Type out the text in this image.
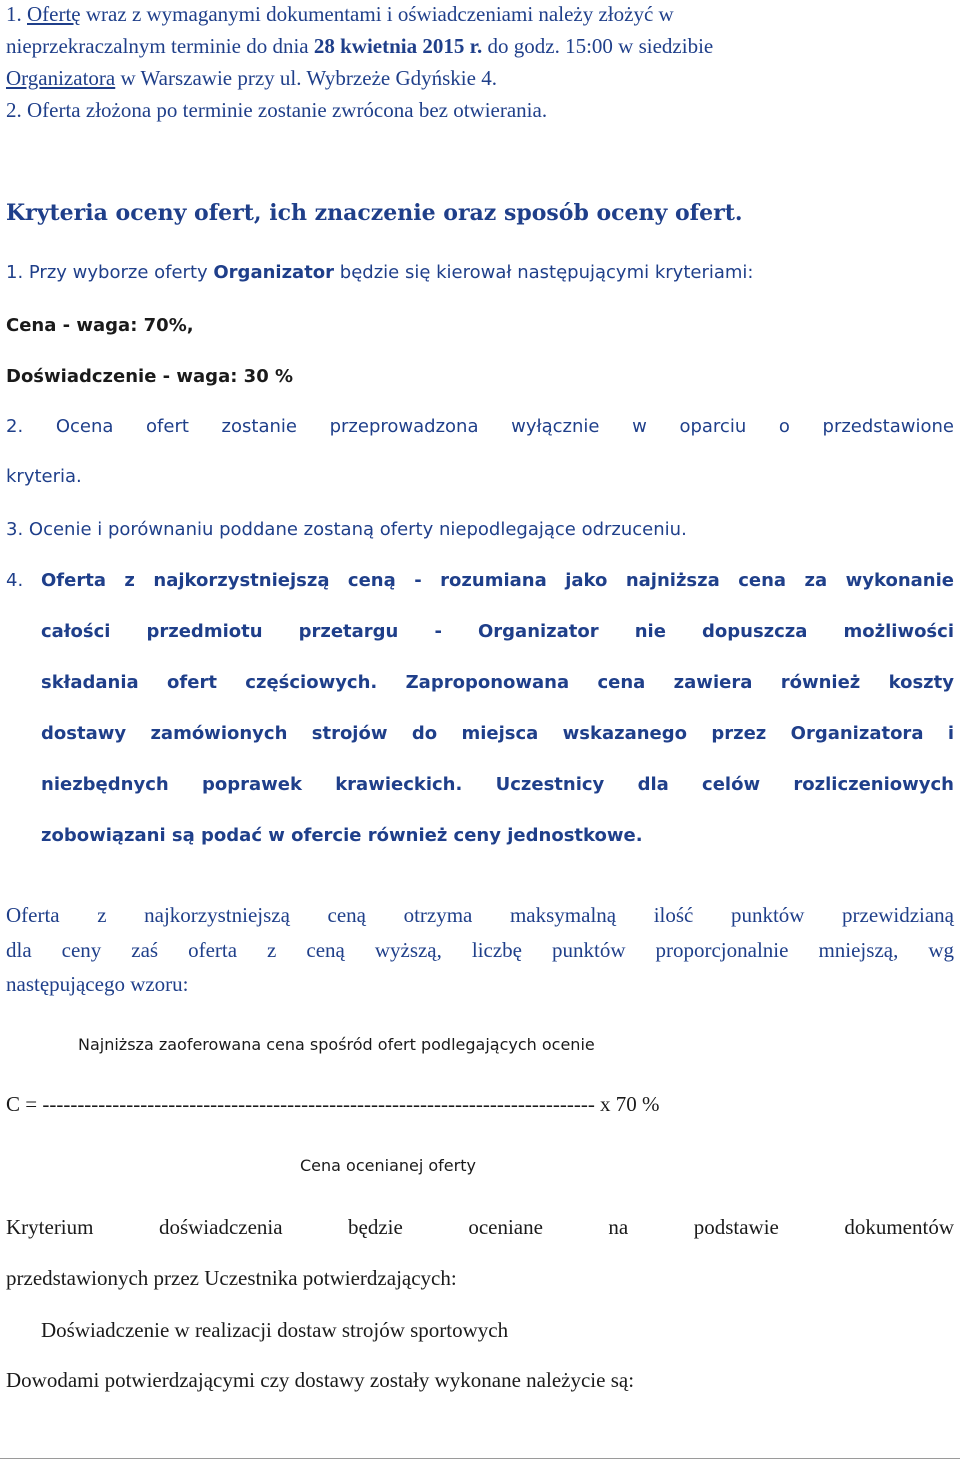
1. Ofertę wraz z wymaganymi dokumentami i oświadczeniami należy złożyć w
nieprzekraczalnym terminie do dnia 28 kwietnia 2015 r. do godz. 15:00 w siedzibie
Organizatora w Warszawie przy ul. Wybrzeże Gdyńskie 4.
2. Oferta złożona po terminie zostanie zwrócona bez otwierania.
Kryteria oceny ofert, ich znaczenie oraz sposób oceny ofert.
1. Przy wyborze oferty Organizator będzie się kierował następującymi kryteriami:
Cena - waga: 70%,
Doświadczenie - waga: 30 %
2. Ocena ofert zostanie przeprowadzona wyłącznie w oparciu o przedstawione
kryteria.
3. Ocenie i porównaniu poddane zostaną oferty niepodlegające odrzuceniu.
4. Oferta z najkorzystniejszą ceną - rozumiana jako najniższa cena za wykonanie
całości przedmiotu przetargu - Organizator nie dopuszcza możliwości
składania ofert częściowych. Zaproponowana cena zawiera również koszty
dostawy zamówionych strojów do miejsca wskazanego przez Organizatora i
niezbędnych poprawek krawieckich. Uczestnicy dla celów rozliczeniowych
zobowiązani są podać w ofercie również ceny jednostkowe.
Oferta z najkorzystniejszą ceną otrzyma maksymalną ilość punktów przewidzianą
dla ceny zaś oferta z ceną wyższą, liczbę punktów proporcjonalnie mniejszą, wg
następującego wzoru:
Najniższa zaoferowana cena spośród ofert podlegających ocenie
C = ------------------------------------------------------------------------------- x 70 %
Cena ocenianej oferty
Kryterium doświadczenia będzie oceniane na podstawie dokumentów
przedstawionych przez Uczestnika potwierdzających:
Doświadczenie w realizacji dostaw strojów sportowych
Dowodami potwierdzającymi czy dostawy zostały wykonane należycie są:
